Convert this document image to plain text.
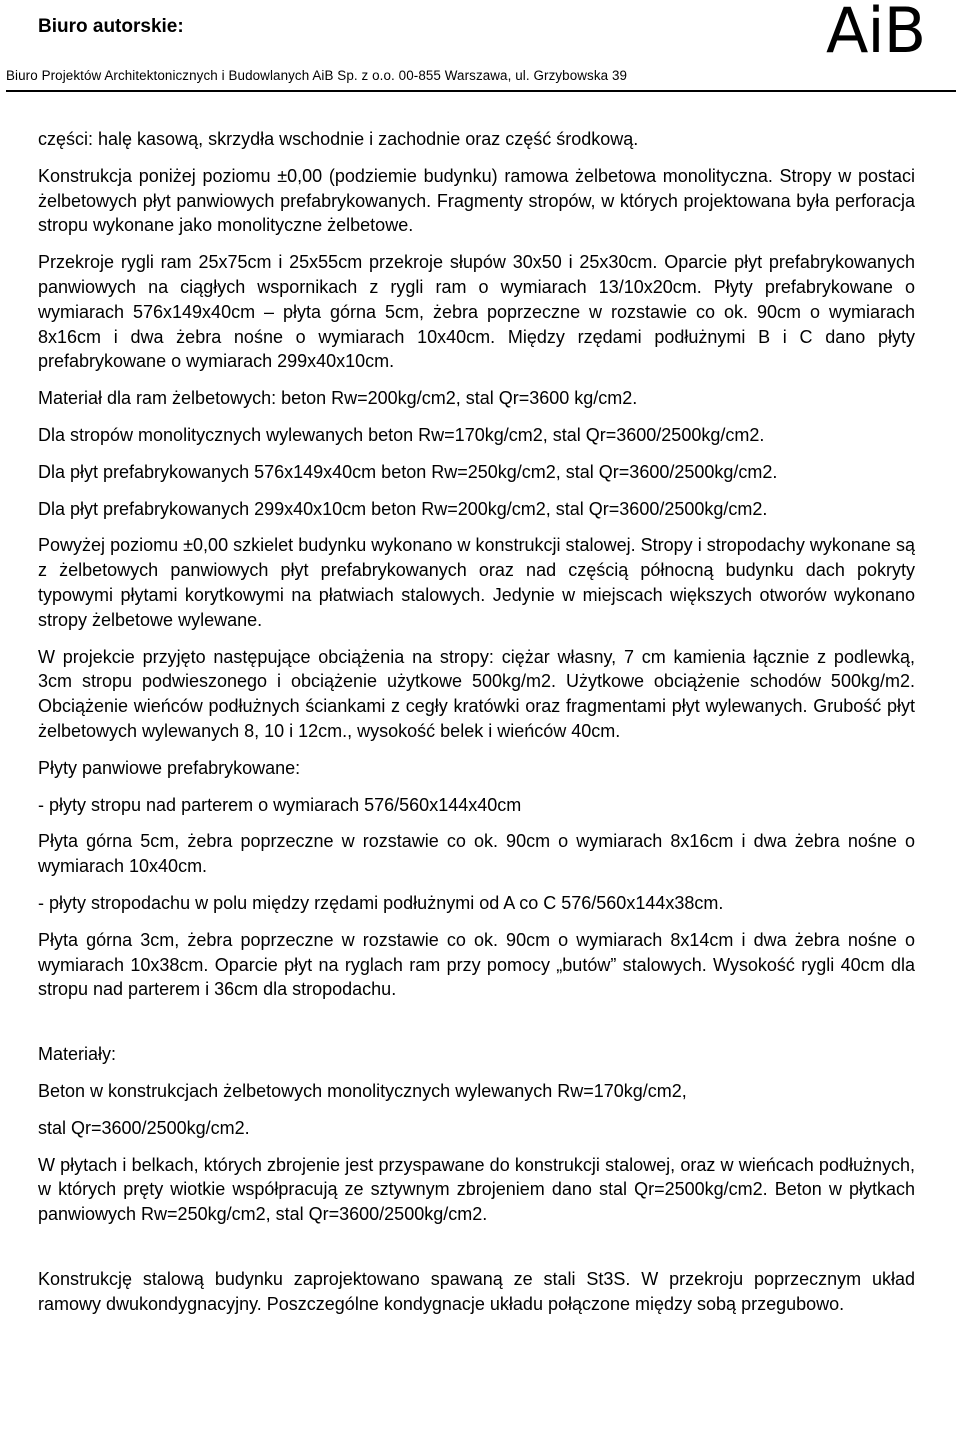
Biuro autorskie:	AiB
Biuro Projektów Architektonicznych i Budowlanych AiB Sp. z o.o. 00-855 Warszawa, ul. Grzybowska 39

części: halę kasową, skrzydła wschodnie i zachodnie oraz część środkową.

Konstrukcja poniżej poziomu ±0,00 (podziemie budynku) ramowa żelbetowa monolityczna. Stropy w postaci żelbetowych płyt panwiowych prefabrykowanych. Fragmenty stropów, w których projektowana była perforacja stropu wykonane jako monolityczne żelbetowe.

Przekroje rygli ram 25x75cm i 25x55cm przekroje słupów 30x50 i 25x30cm. Oparcie płyt prefabrykowanych panwiowych na ciągłych wspornikach z rygli ram o wymiarach 13/10x20cm. Płyty prefabrykowane o wymiarach 576x149x40cm – płyta górna 5cm, żebra poprzeczne w rozstawie co ok. 90cm o wymiarach 8x16cm i dwa żebra nośne o wymiarach 10x40cm. Między rzędami podłużnymi B i C dano płyty prefabrykowane o wymiarach 299x40x10cm.

Materiał dla ram żelbetowych: beton Rw=200kg/cm2, stal Qr=3600 kg/cm2.

Dla stropów monolitycznych wylewanych beton Rw=170kg/cm2, stal Qr=3600/2500kg/cm2.

Dla płyt prefabrykowanych 576x149x40cm beton Rw=250kg/cm2, stal Qr=3600/2500kg/cm2.

Dla płyt prefabrykowanych 299x40x10cm beton Rw=200kg/cm2, stal Qr=3600/2500kg/cm2.

Powyżej poziomu ±0,00 szkielet budynku wykonano w konstrukcji stalowej. Stropy i stropodachy wykonane są z żelbetowych panwiowych płyt prefabrykowanych oraz nad częścią północną budynku dach pokryty typowymi płytami korytkowymi na płatwiach stalowych. Jedynie w miejscach większych otworów wykonano stropy żelbetowe wylewane.

W projekcie przyjęto następujące obciążenia na stropy: ciężar własny, 7 cm kamienia łącznie z podlewką, 3cm stropu podwieszonego i obciążenie użytkowe 500kg/m2. Użytkowe obciążenie schodów 500kg/m2. Obciążenie wieńców podłużnych ściankami z cegły kratówki oraz fragmentami płyt wylewanych. Grubość płyt żelbetowych wylewanych 8, 10 i 12cm., wysokość belek i wieńców 40cm.

Płyty panwiowe prefabrykowane:

- płyty stropu nad parterem o wymiarach 576/560x144x40cm

Płyta górna 5cm, żebra poprzeczne w rozstawie co ok. 90cm o wymiarach 8x16cm i dwa żebra nośne o wymiarach 10x40cm.

- płyty stropodachu w polu między rzędami podłużnymi od A co C 576/560x144x38cm.

Płyta górna 3cm, żebra poprzeczne w rozstawie co ok. 90cm o wymiarach 8x14cm i dwa żebra nośne o wymiarach 10x38cm. Oparcie płyt na ryglach ram przy pomocy „butów” stalowych. Wysokość rygli 40cm dla stropu nad parterem i 36cm dla stropodachu.

Materiały:

Beton w konstrukcjach żelbetowych monolitycznych wylewanych Rw=170kg/cm2,

stal Qr=3600/2500kg/cm2.

W płytach i belkach, których zbrojenie jest przyspawane do konstrukcji stalowej, oraz w wieńcach podłużnych, w których pręty wiotkie współpracują ze sztywnym zbrojeniem dano stal Qr=2500kg/cm2. Beton w płytkach panwiowych Rw=250kg/cm2, stal Qr=3600/2500kg/cm2.

Konstrukcję stalową budynku zaprojektowano spawaną ze stali St3S. W przekroju poprzecznym układ ramowy dwukondygnacyjny. Poszczególne kondygnacje układu połączone między sobą przegubowo.
